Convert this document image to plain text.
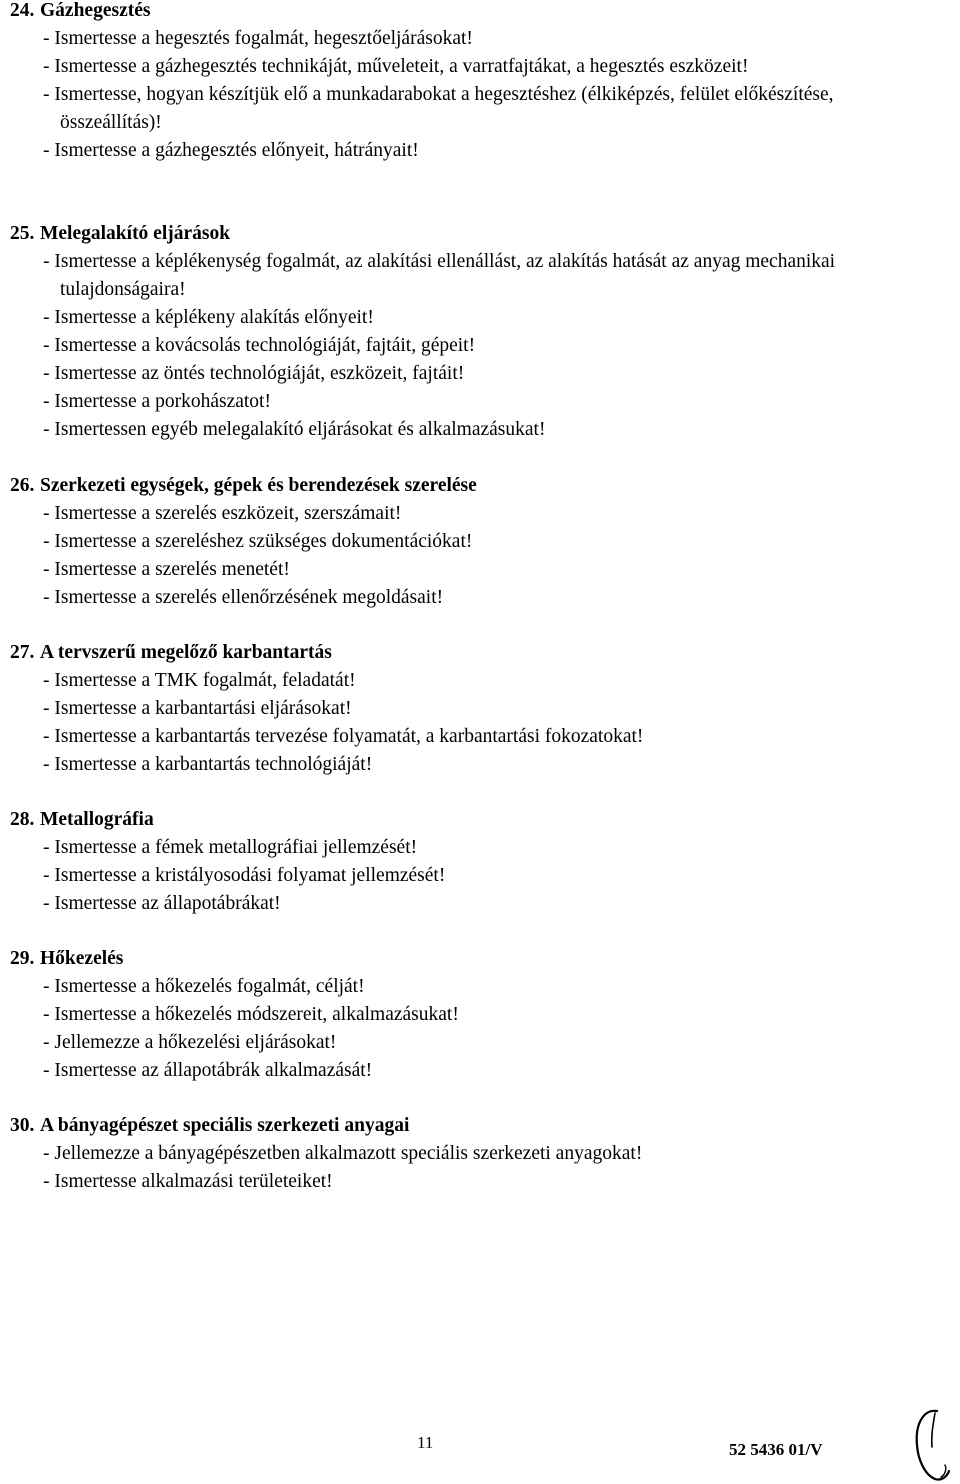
24. Gázhegesztés
- Ismertesse a hegesztés fogalmát, hegesztőeljárásokat!
- Ismertesse a gázhegesztés technikáját, műveleteit, a varratfajtákat, a hegesztés eszközeit!
- Ismertesse, hogyan készítjük elő a munkadarabokat a hegesztéshez (élkiképzés, felület előkészítése, összeállítás)!
- Ismertesse a gázhegesztés előnyeit, hátrányait!
25. Melegalakító eljárások
- Ismertesse a képlékenység fogalmát, az alakítási ellenállást, az alakítás hatását az anyag mechanikai tulajdonságaira!
- Ismertesse a képlékeny alakítás előnyeit!
- Ismertesse a kovácsolás technológiáját, fajtáit, gépeit!
- Ismertesse az öntés technológiáját, eszközeit, fajtáit!
- Ismertesse a porkohászatot!
- Ismertessen egyéb melegalakító eljárásokat és alkalmazásukat!
26. Szerkezeti egységek, gépek és berendezések szerelése
- Ismertesse a szerelés eszközeit, szerszámait!
- Ismertesse a szereléshez szükséges dokumentációkat!
- Ismertesse a szerelés menetét!
- Ismertesse a szerelés ellenőrzésének megoldásait!
27. A tervszerű megelőző karbantartás
- Ismertesse a TMK fogalmát, feladatát!
- Ismertesse a karbantartási eljárásokat!
- Ismertesse a karbantartás tervezése folyamatát, a karbantartási fokozatokat!
- Ismertesse a karbantartás technológiáját!
28. Metallográfia
- Ismertesse a fémek metallográfiai jellemzését!
- Ismertesse a kristályosodási folyamat jellemzését!
- Ismertesse az állapotábrákat!
29. Hőkezelés
- Ismertesse a hőkezelés fogalmát, célját!
- Ismertesse a hőkezelés módszereit, alkalmazásukat!
- Jellemezze a hőkezelési eljárásokat!
- Ismertesse az állapotábrák alkalmazását!
30. A bányagépészet speciális szerkezeti anyagai
- Jellemezze a bányagépészetben alkalmazott speciális szerkezeti anyagokat!
- Ismertesse alkalmazási területeiket!
11	52 5436 01/V
